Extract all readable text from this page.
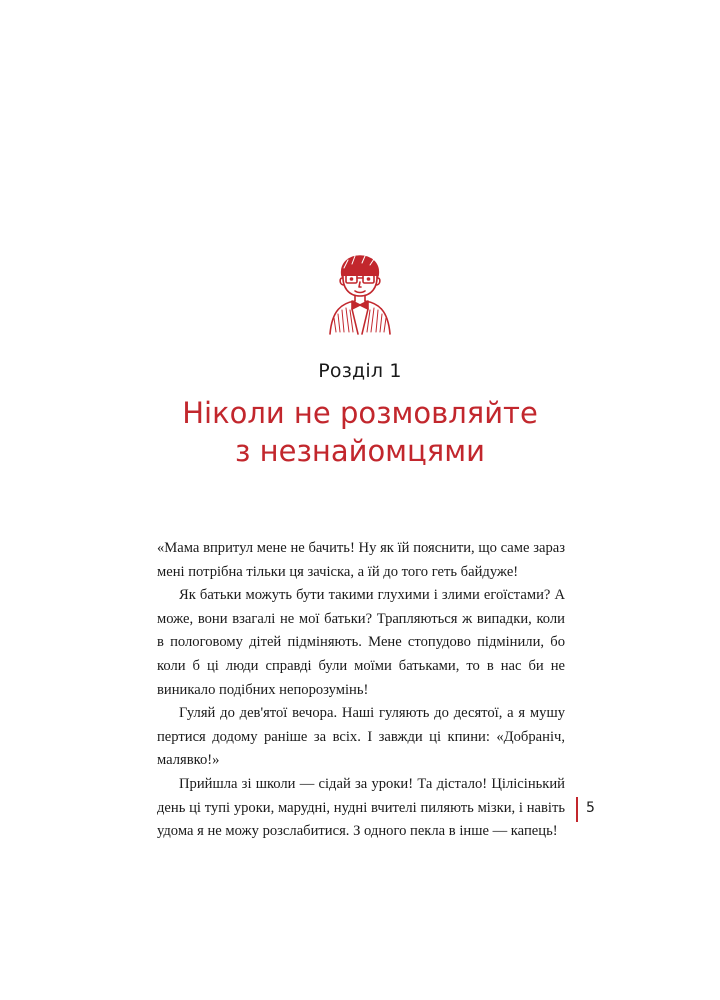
Розділ 1
Ніколи не розмовляйте
з незнайомцями

«Мама впритул мене не бачить! Ну як їй пояснити, що саме зараз мені потрібна тільки ця зачіска, а їй до того геть байдуже!

Як батьки можуть бути такими глухими і злими егоїстами? А може, вони взагалі не мої батьки? Трапляються ж випадки, коли в пологовому дітей підміняють. Мене стопудово підмінили, бо коли б ці люди справді були моїми батьками, то в нас би не виникало подібних непорозумінь!

Гуляй до дев'ятої вечора. Наші гуляють до десятої, а я мушу пертися додому раніше за всіх. І завжди ці кпини: «Добраніч, малявко!»

Прийшла зі школи — сідай за уроки! Та дістало! Цілісінький день ці тупі уроки, марудні, нудні вчителі пиляють мізки, і навіть удома я не можу розслабитися. З одного пекла в інше — капець!

5
